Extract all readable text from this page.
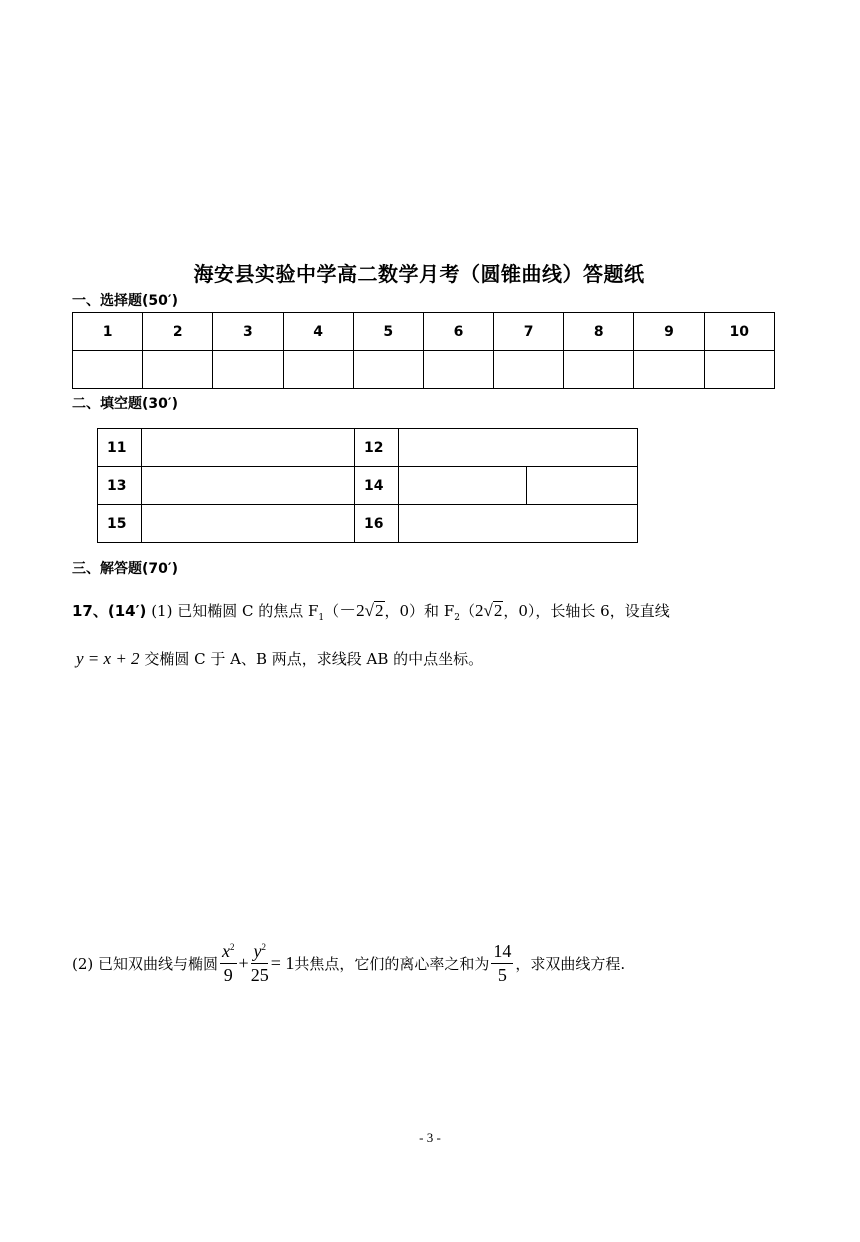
海安县实验中学高二数学月考（圆锥曲线）答题纸
一、选择题(50′)
1	2	3	4	5	6	7	8	9	10

二、填空题(30′)
11		12		
13		14		
15		16		
三、解答题(70′)
17、(14′) (1) 已知椭圆 C 的焦点 $F_1(-2√2$，0）和 $F_2(2√2$，0），长轴长 6，设直线
y = x + 2 交椭圆 C 于 A、B 两点，求线段 AB 的中点坐标。
(2) 已知双曲线与椭圆 $\frac{x^2}{9} + \frac{y^2}{25} = 1$ 共焦点，它们的离心率之和为 $\frac{14}{5}$ ，求双曲线方程.
- 3 -
